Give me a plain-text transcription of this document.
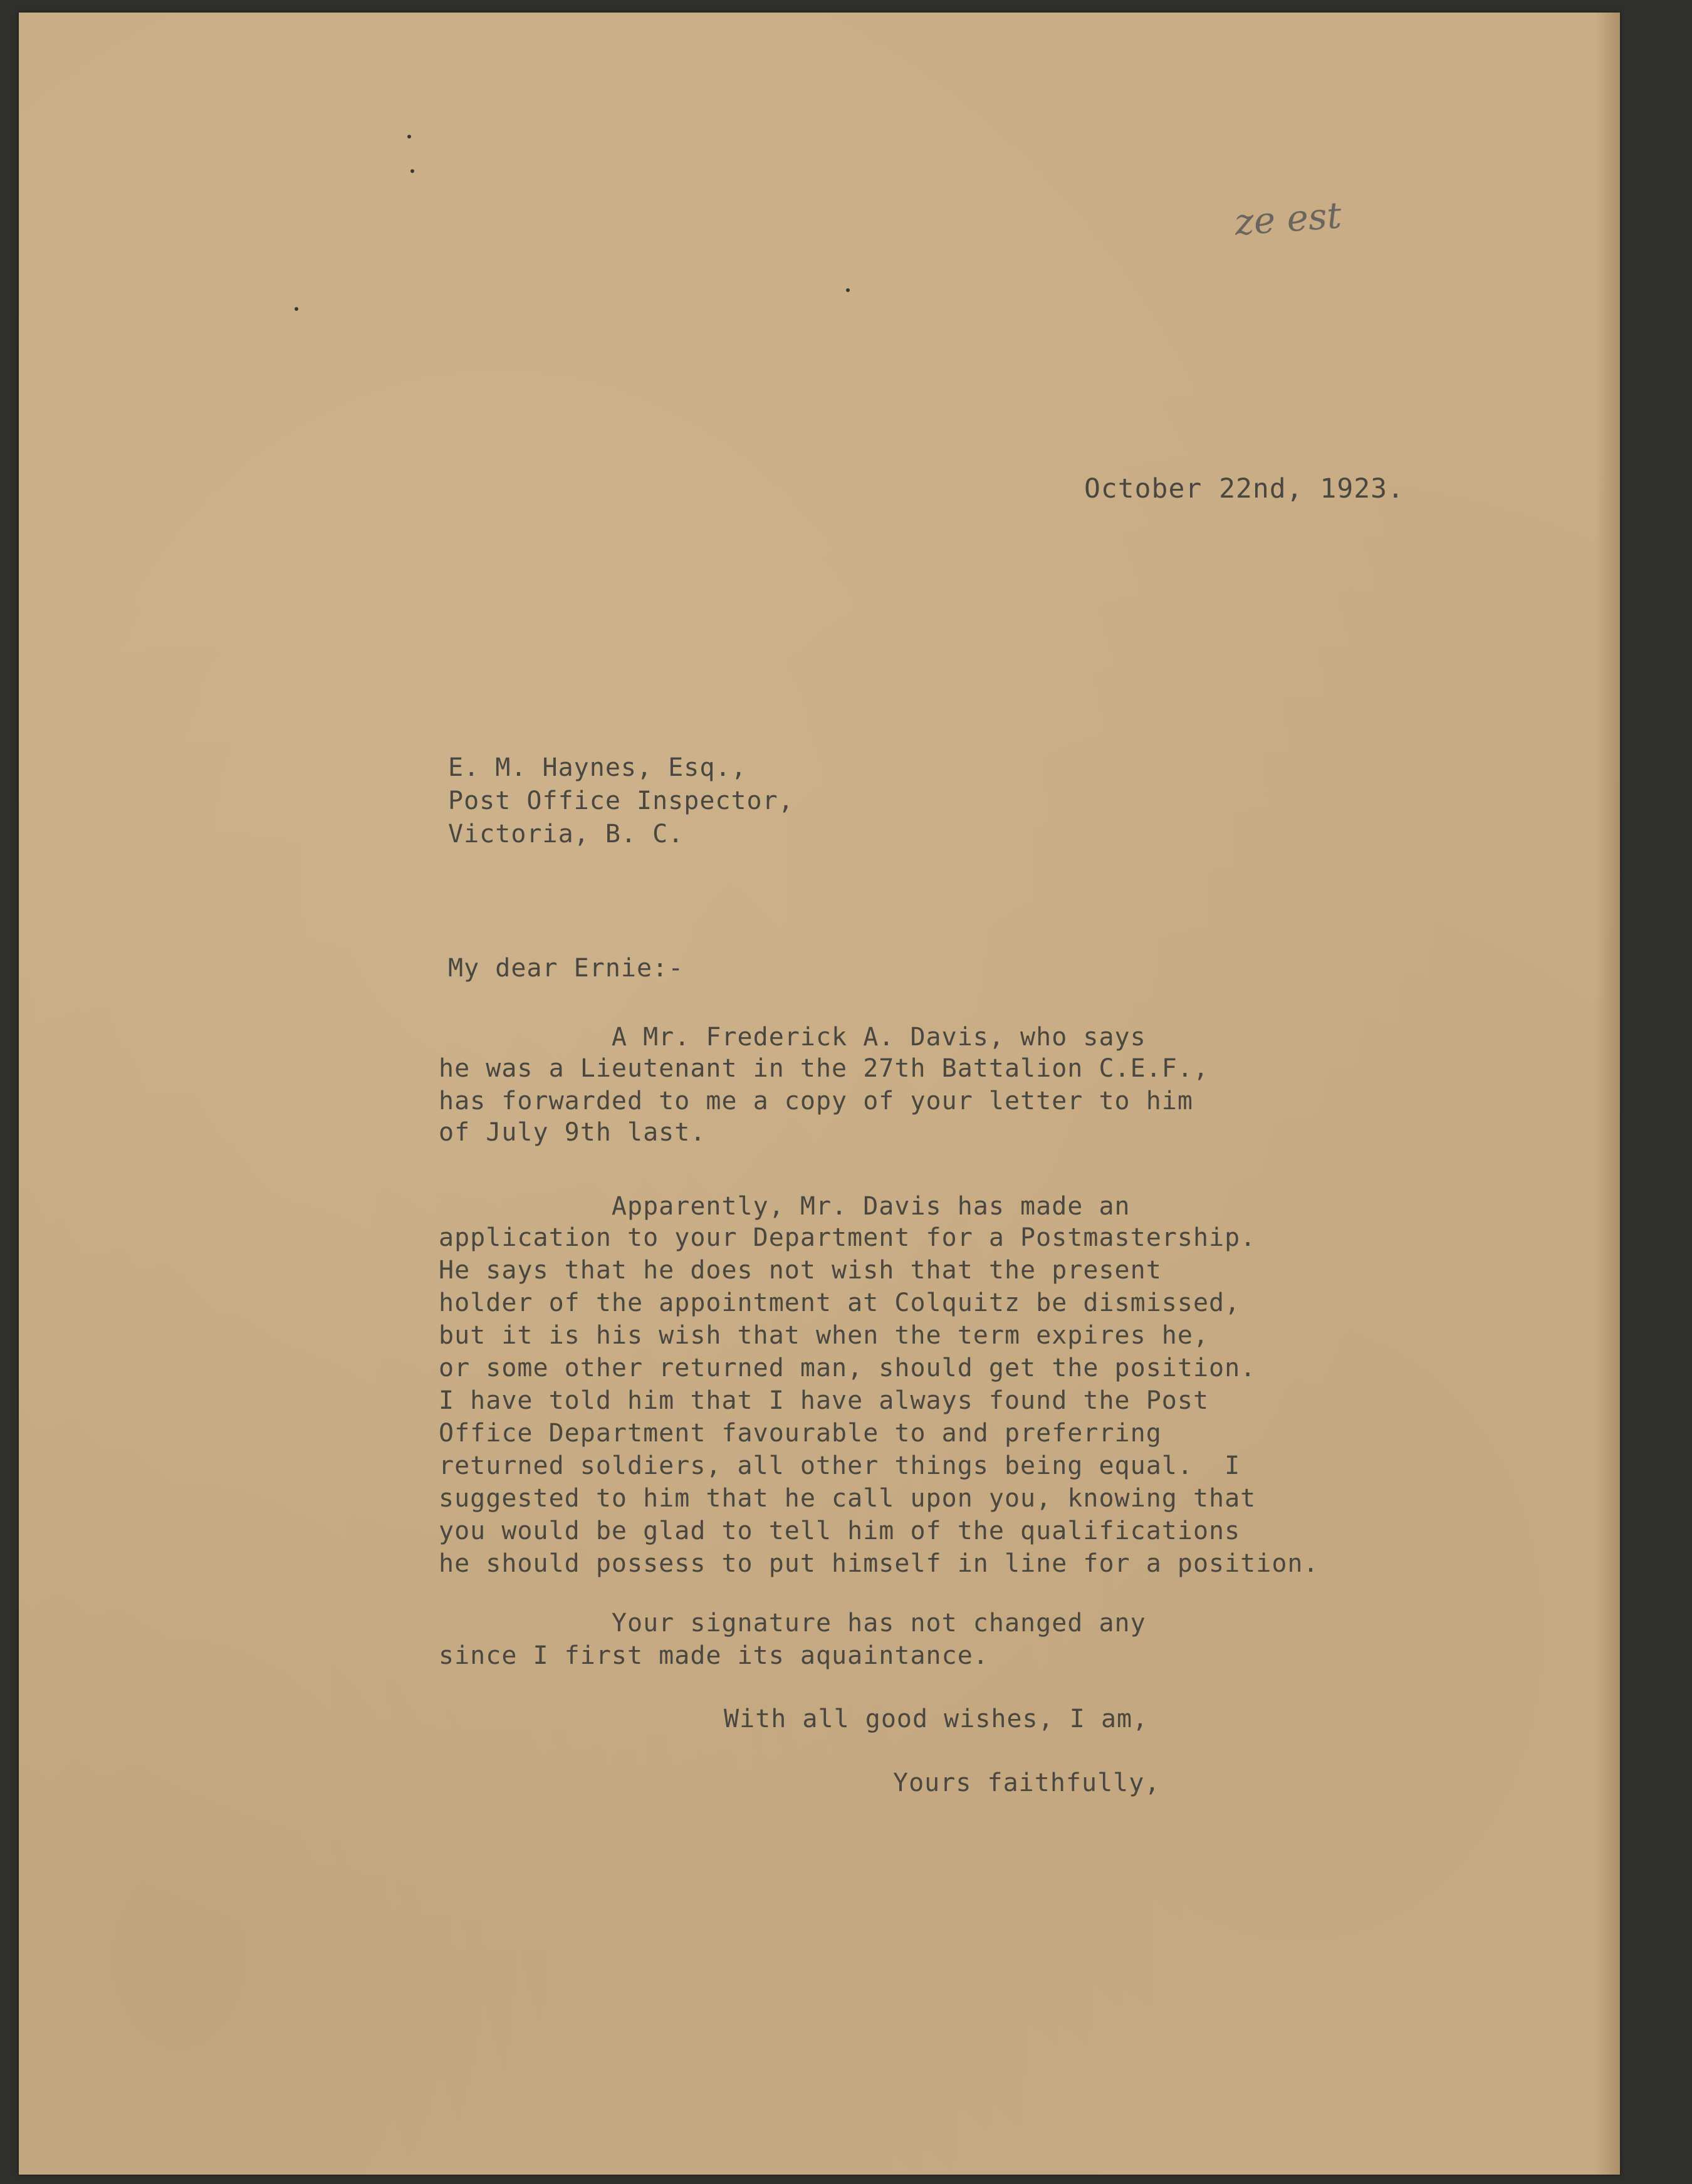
ze est
October 22nd, 1923.
E. M. Haynes, Esq.,
Post Office Inspector,
Victoria, B. C.
My dear Ernie:-
A Mr. Frederick A. Davis, who says
he was a Lieutenant in the 27th Battalion C.E.F.,
has forwarded to me a copy of your letter to him
of July 9th last.
Apparently, Mr. Davis has made an
application to your Department for a Postmastership.
He says that he does not wish that the present
holder of the appointment at Colquitz be dismissed,
but it is his wish that when the term expires he,
or some other returned man, should get the position.
I have told him that I have always found the Post
Office Department favourable to and preferring
returned soldiers, all other things being equal.  I
suggested to him that he call upon you, knowing that
you would be glad to tell him of the qualifications
he should possess to put himself in line for a position.
Your signature has not changed any
since I first made its aquaintance.
With all good wishes, I am,
Yours faithfully,
